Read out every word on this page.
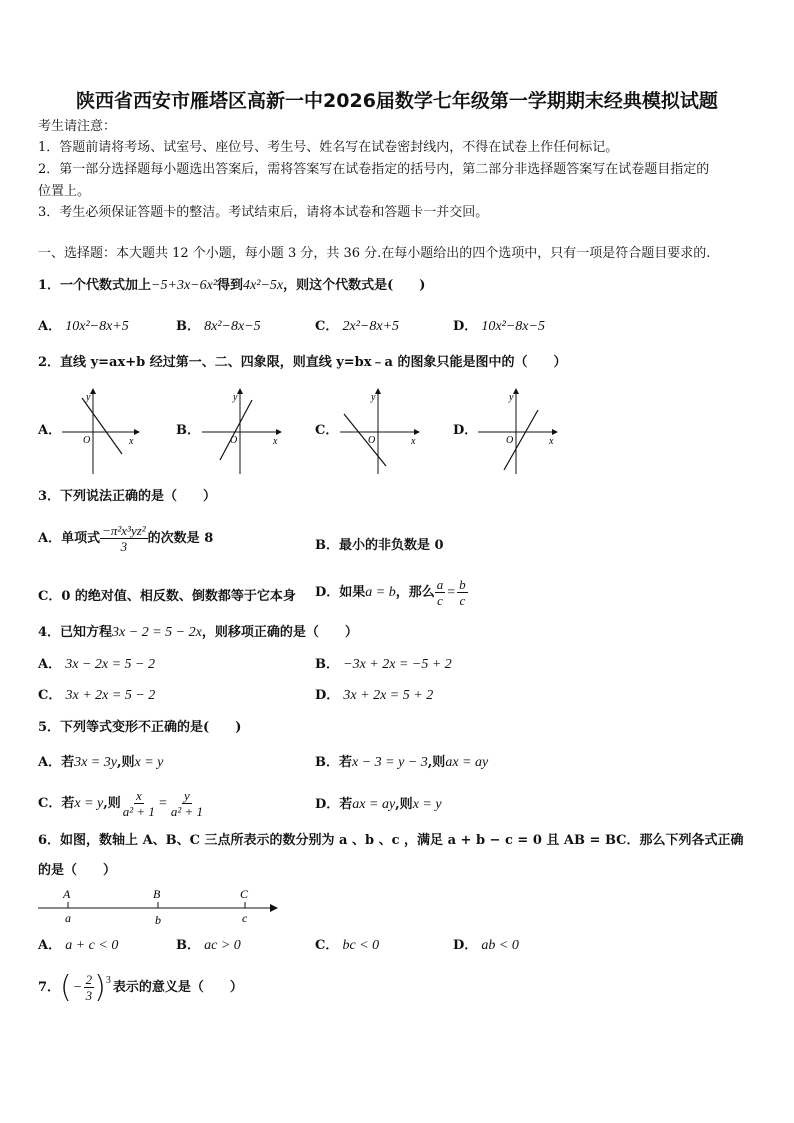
陕西省西安市雁塔区高新一中2026届数学七年级第一学期期末经典模拟试题
考生请注意：
1．答题前请将考场、试室号、座位号、考生号、姓名写在试卷密封线内，不得在试卷上作任何标记。
2．第一部分选择题每小题选出答案后，需将答案写在试卷指定的括号内，第二部分非选择题答案写在试卷题目指定的
位置上。
3．考生必须保证答题卡的整洁。考试结束后，请将本试卷和答题卡一并交回。
一、选择题：本大题共 12 个小题，每小题 3 分，共 36 分.在每小题给出的四个选项中，只有一项是符合题目要求的.
1．一个代数式加上−5+3x−6x²得到4x²−5x，则这个代数式是(　　)
A． 10x²−8x+5	B． 8x²−8x−5	C． 2x²−8x+5	D． 10x²−8x−5
2．直线 y=ax+b 经过第一、二、四象限，则直线 y=bx﹣a 的图象只能是图中的（　　）
A．
y
x
O
B．
y
x
O
C．
y
x
O
D．
y
x
O
3．下列说法正确的是（　　）
A．单项式 $\frac{\text{−π²x³yz²}}{3}$ 的次数是 8	B．最小的非负数是 0
C．0 的绝对值、相反数、倒数都等于它本身 D．如果 a = b ，那么 $\frac{a}{c} = \frac{b}{c}$
4．已知方程3x − 2 = 5 − 2x，则移项正确的是（　　）
A． 3x − 2x = 5 − 2	B． −3x + 2x = −5 + 2
C． 3x + 2x = 5 − 2	D． 3x + 2x = 5 + 2
5．下列等式变形不正确的是(　　)
A．若3x = 3y,则x = y	B．若x − 3 = y − 3,则ax = ay
C．若 x = y ,则 $\frac{x}{\text{a² + 1}} = \frac{y}{\text{a² + 1}}$	D．若ax = ay,则x = y
6．如图，数轴上 A、B、C 三点所表示的数分别为 a 、b 、c ，满足 a + b − c = 0 且 AB = BC．那么下列各式正确
的是（　　）
A	B	C
a	b	c
A． a + c < 0	B． ac > 0	C． bc < 0	D． ab < 0
7． ( − $\frac{2}{3}$ ) 3 表示的意义是（　　）
